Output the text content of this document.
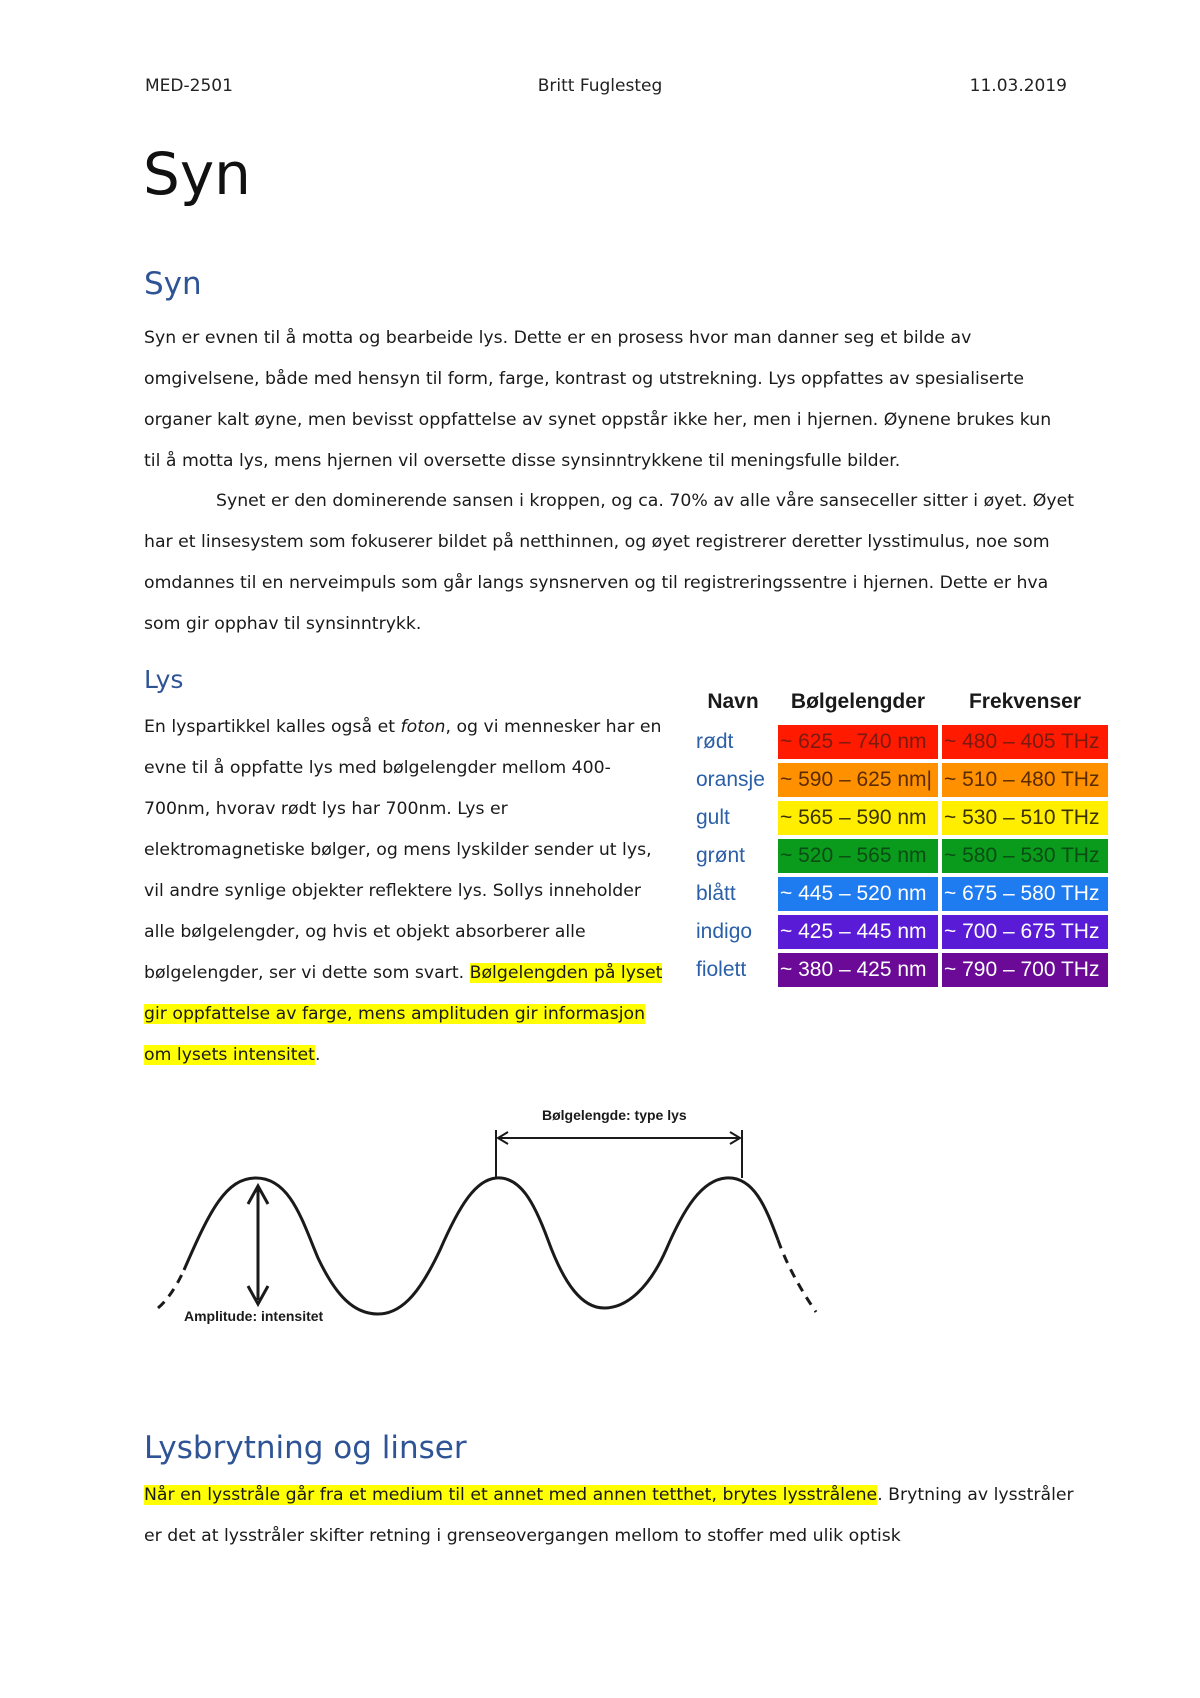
MED-2501	Britt Fuglesteg	11.03.2019
Syn
Syn

Syn er evnen til å motta og bearbeide lys. Dette er en prosess hvor man danner seg et bilde av omgivelsene, både med hensyn til form, farge, kontrast og utstrekning. Lys oppfattes av spesialiserte organer kalt øyne, men bevisst oppfattelse av synet oppstår ikke her, men i hjernen. Øynene brukes kun til å motta lys, mens hjernen vil oversette disse synsinntrykkene til meningsfulle bilder.

Synet er den dominerende sansen i kroppen, og ca. 70% av alle våre sanseceller sitter i øyet. Øyet har et linsesystem som fokuserer bildet på netthinnen, og øyet registrerer deretter lysstimulus, noe som omdannes til en nerveimpuls som går langs synsnerven og til registreringssentre i hjernen. Dette er hva som gir opphav til synsinntrykk.

Lys

En lyspartikkel kalles også et foton, og vi mennesker har en evne til å oppfatte lys med bølgelengder mellom 400-700nm, hvorav rødt lys har 700nm. Lys er elektromagnetiske bølger, og mens lyskilder sender ut lys, vil andre synlige objekter reflektere lys. Sollys inneholder alle bølgelengder, og hvis et objekt absorberer alle bølgelengder, ser vi dette som svart. Bølgelengden på lyset gir oppfattelse av farge, mens amplituden gir informasjon om lysets intensitet.

Navn	Bølgelengder	Frekvenser
rødt	~ 625 – 740 nm	~ 480 – 405 THz
oransje	~ 590 – 625 nm|	~ 510 – 480 THz
gult	~ 565 – 590 nm	~ 530 – 510 THz
grønt	~ 520 – 565 nm	~ 580 – 530 THz
blått	~ 445 – 520 nm	~ 675 – 580 THz
indigo	~ 425 – 445 nm	~ 700 – 675 THz
fiolett	~ 380 – 425 nm	~ 790 – 700 THz
Bølgelengde: type lys
Amplitude: intensitet
Lysbrytning og linser

Når en lysstråle går fra et medium til et annet med annen tetthet, brytes lysstrålene. Brytning av lysstråler er det at lysstråler skifter retning i grenseovergangen mellom to stoffer med ulik optisk
